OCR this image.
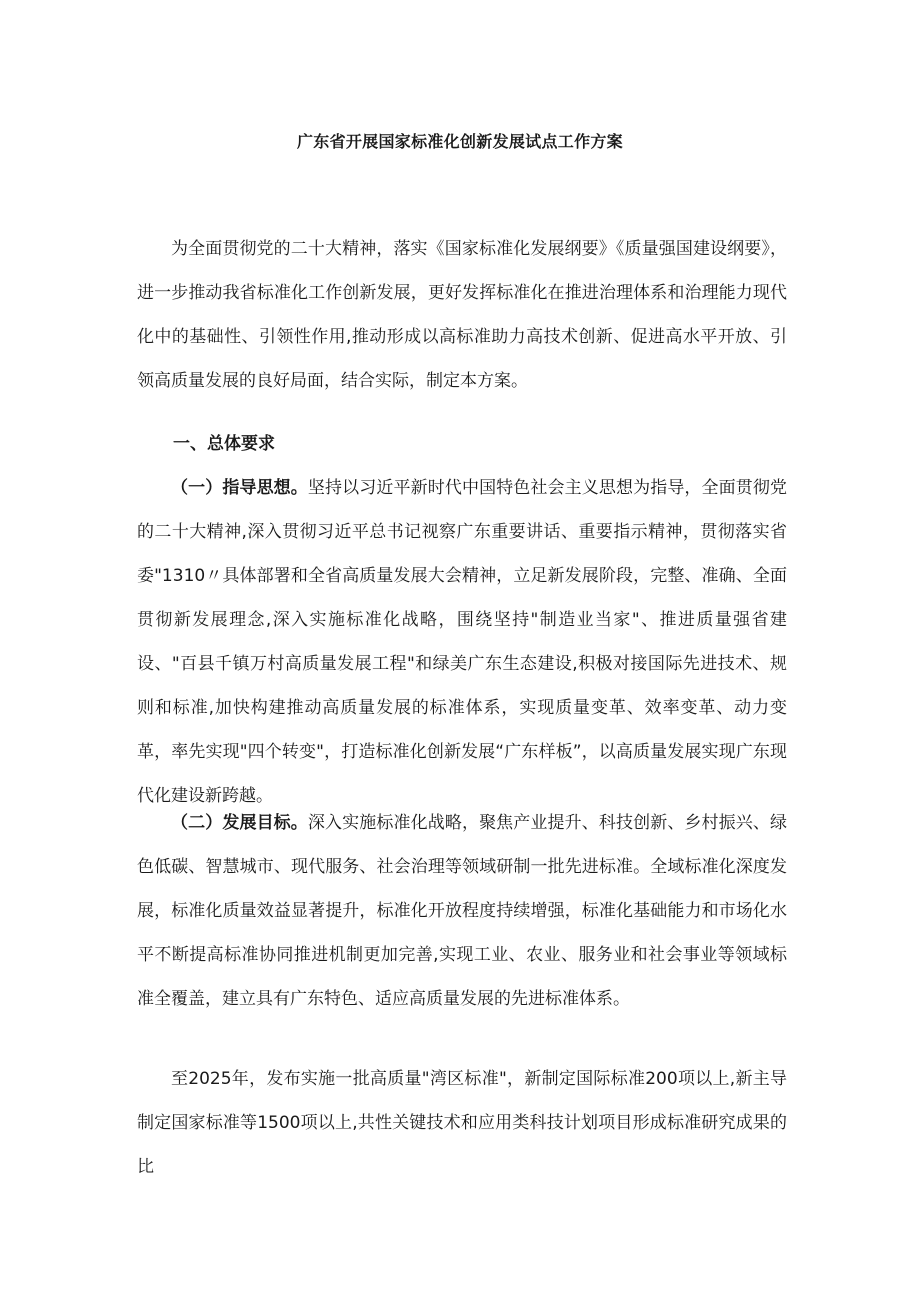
广东省开展国家标准化创新发展试点工作方案

为全面贯彻党的二十大精神，落实《国家标准化发展纲要》《质量强国建设纲要》，进一步推动我省标准化工作创新发展，更好发挥标准化在推进治理体系和治理能力现代化中的基础性、引领性作用,推动形成以高标准助力高技术创新、促进高水平开放、引领高质量发展的良好局面，结合实际，制定本方案。

一、总体要求

（一）指导思想。坚持以习近平新时代中国特色社会主义思想为指导，全面贯彻党的二十大精神,深入贯彻习近平总书记视察广东重要讲话、重要指示精神，贯彻落实省委"1310〃具体部署和全省高质量发展大会精神，立足新发展阶段，完整、准确、全面贯彻新发展理念,深入实施标准化战略，围绕坚持"制造业当家"、推进质量强省建设、"百县千镇万村高质量发展工程"和绿美广东生态建设,积极对接国际先进技术、规则和标准,加快构建推动高质量发展的标准体系，实现质量变革、效率变革、动力变革，率先实现"四个转变"，打造标准化创新发展“广东样板”，以高质量发展实现广东现代化建设新跨越。

（二）发展目标。深入实施标准化战略，聚焦产业提升、科技创新、乡村振兴、绿色低碳、智慧城市、现代服务、社会治理等领域研制一批先进标准。全域标准化深度发展，标准化质量效益显著提升，标准化开放程度持续增强，标准化基础能力和市场化水平不断提高标准协同推进机制更加完善,实现工业、农业、服务业和社会事业等领域标准全覆盖，建立具有广东特色、适应高质量发展的先进标准体系。

至2025年，发布实施一批高质量"湾区标准"，新制定国际标准200项以上,新主导制定国家标准等1500项以上,共性关键技术和应用类科技计划项目形成标准研究成果的比
